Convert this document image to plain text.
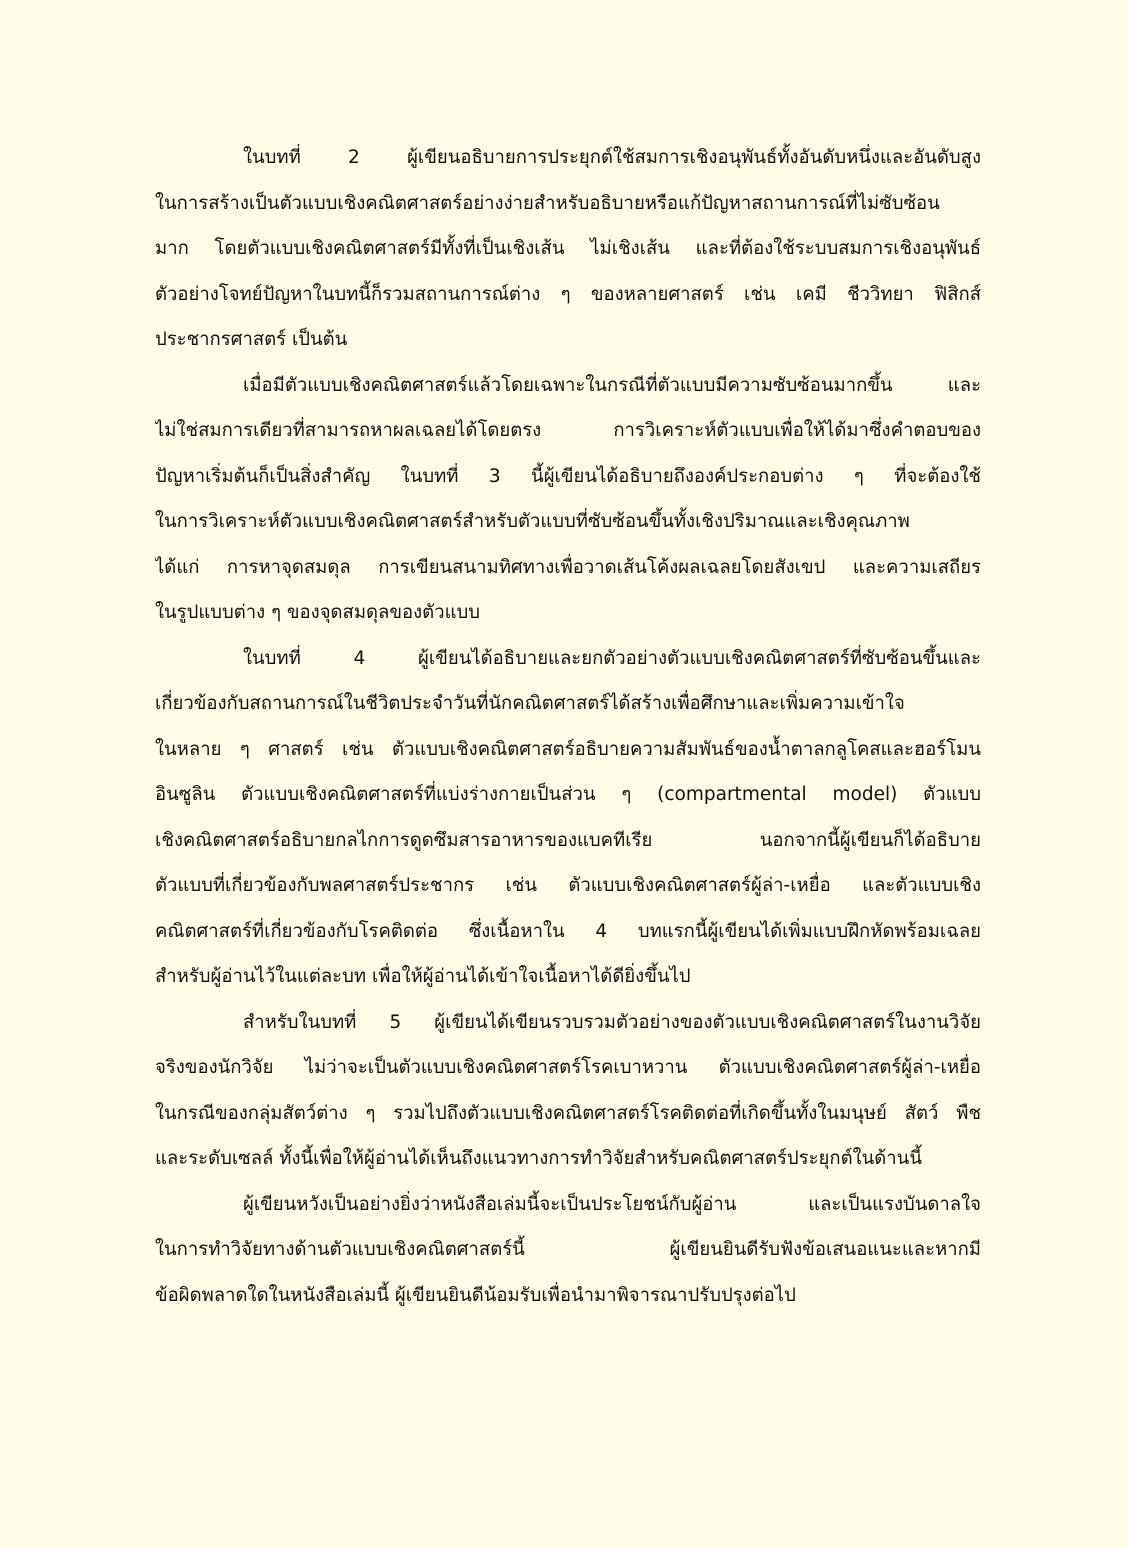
ในบทที่ 2 ผู้เขียนอธิบายการประยุกต์ใช้สมการเชิงอนุพันธ์ทั้งอันดับหนึ่งและอันดับสูง
ในการสร้างเป็นตัวแบบเชิงคณิตศาสตร์อย่างง่ายสำหรับอธิบายหรือแก้ปัญหาสถานการณ์ที่ไม่ซับซ้อน
มาก โดยตัวแบบเชิงคณิตศาสตร์มีทั้งที่เป็นเชิงเส้น ไม่เชิงเส้น และที่ต้องใช้ระบบสมการเชิงอนุพันธ์
ตัวอย่างโจทย์ปัญหาในบทนี้ก็รวมสถานการณ์ต่าง ๆ ของหลายศาสตร์ เช่น เคมี ชีววิทยา ฟิสิกส์
ประชากรศาสตร์ เป็นต้น
เมื่อมีตัวแบบเชิงคณิตศาสตร์แล้วโดยเฉพาะในกรณีที่ตัวแบบมีความซับซ้อนมากขึ้น และ
ไม่ใช่สมการเดียวที่สามารถหาผลเฉลยได้โดยตรง การวิเคราะห์ตัวแบบเพื่อให้ได้มาซึ่งคำตอบของ
ปัญหาเริ่มต้นก็เป็นสิ่งสำคัญ ในบทที่ 3 นี้ผู้เขียนได้อธิบายถึงองค์ประกอบต่าง ๆ ที่จะต้องใช้
ในการวิเคราะห์ตัวแบบเชิงคณิตศาสตร์สำหรับตัวแบบที่ซับซ้อนขึ้นทั้งเชิงปริมาณและเชิงคุณภาพ
ได้แก่ การหาจุดสมดุล การเขียนสนามทิศทางเพื่อวาดเส้นโค้งผลเฉลยโดยสังเขป และความเสถียร
ในรูปแบบต่าง ๆ ของจุดสมดุลของตัวแบบ
ในบทที่ 4 ผู้เขียนได้อธิบายและยกตัวอย่างตัวแบบเชิงคณิตศาสตร์ที่ซับซ้อนขึ้นและ
เกี่ยวข้องกับสถานการณ์ในชีวิตประจำวันที่นักคณิตศาสตร์ได้สร้างเพื่อศึกษาและเพิ่มความเข้าใจ
ในหลาย ๆ ศาสตร์ เช่น ตัวแบบเชิงคณิตศาสตร์อธิบายความสัมพันธ์ของน้ำตาลกลูโคสและฮอร์โมน
อินซูลิน ตัวแบบเชิงคณิตศาสตร์ที่แบ่งร่างกายเป็นส่วน ๆ (compartmental model) ตัวแบบ
เชิงคณิตศาสตร์อธิบายกลไกการดูดซึมสารอาหารของแบคทีเรีย นอกจากนี้ผู้เขียนก็ได้อธิบาย
ตัวแบบที่เกี่ยวข้องกับพลศาสตร์ประชากร เช่น ตัวแบบเชิงคณิตศาสตร์ผู้ล่า-เหยื่อ และตัวแบบเชิง
คณิตศาสตร์ที่เกี่ยวข้องกับโรคติดต่อ ซึ่งเนื้อหาใน 4 บทแรกนี้ผู้เขียนได้เพิ่มแบบฝึกหัดพร้อมเฉลย
สำหรับผู้อ่านไว้ในแต่ละบท เพื่อให้ผู้อ่านได้เข้าใจเนื้อหาได้ดียิ่งขึ้นไป
สำหรับในบทที่ 5 ผู้เขียนได้เขียนรวบรวมตัวอย่างของตัวแบบเชิงคณิตศาสตร์ในงานวิจัย
จริงของนักวิจัย ไม่ว่าจะเป็นตัวแบบเชิงคณิตศาสตร์โรคเบาหวาน ตัวแบบเชิงคณิตศาสตร์ผู้ล่า-เหยื่อ
ในกรณีของกลุ่มสัตว์ต่าง ๆ รวมไปถึงตัวแบบเชิงคณิตศาสตร์โรคติดต่อที่เกิดขึ้นทั้งในมนุษย์ สัตว์ พืช
และระดับเซลล์ ทั้งนี้เพื่อให้ผู้อ่านได้เห็นถึงแนวทางการทำวิจัยสำหรับคณิตศาสตร์ประยุกต์ในด้านนี้
ผู้เขียนหวังเป็นอย่างยิ่งว่าหนังสือเล่มนี้จะเป็นประโยชน์กับผู้อ่าน และเป็นแรงบันดาลใจ
ในการทำวิจัยทางด้านตัวแบบเชิงคณิตศาสตร์นี้ ผู้เขียนยินดีรับฟังข้อเสนอแนะและหากมี
ข้อผิดพลาดใดในหนังสือเล่มนี้ ผู้เขียนยินดีน้อมรับเพื่อนำมาพิจารณาปรับปรุงต่อไป
